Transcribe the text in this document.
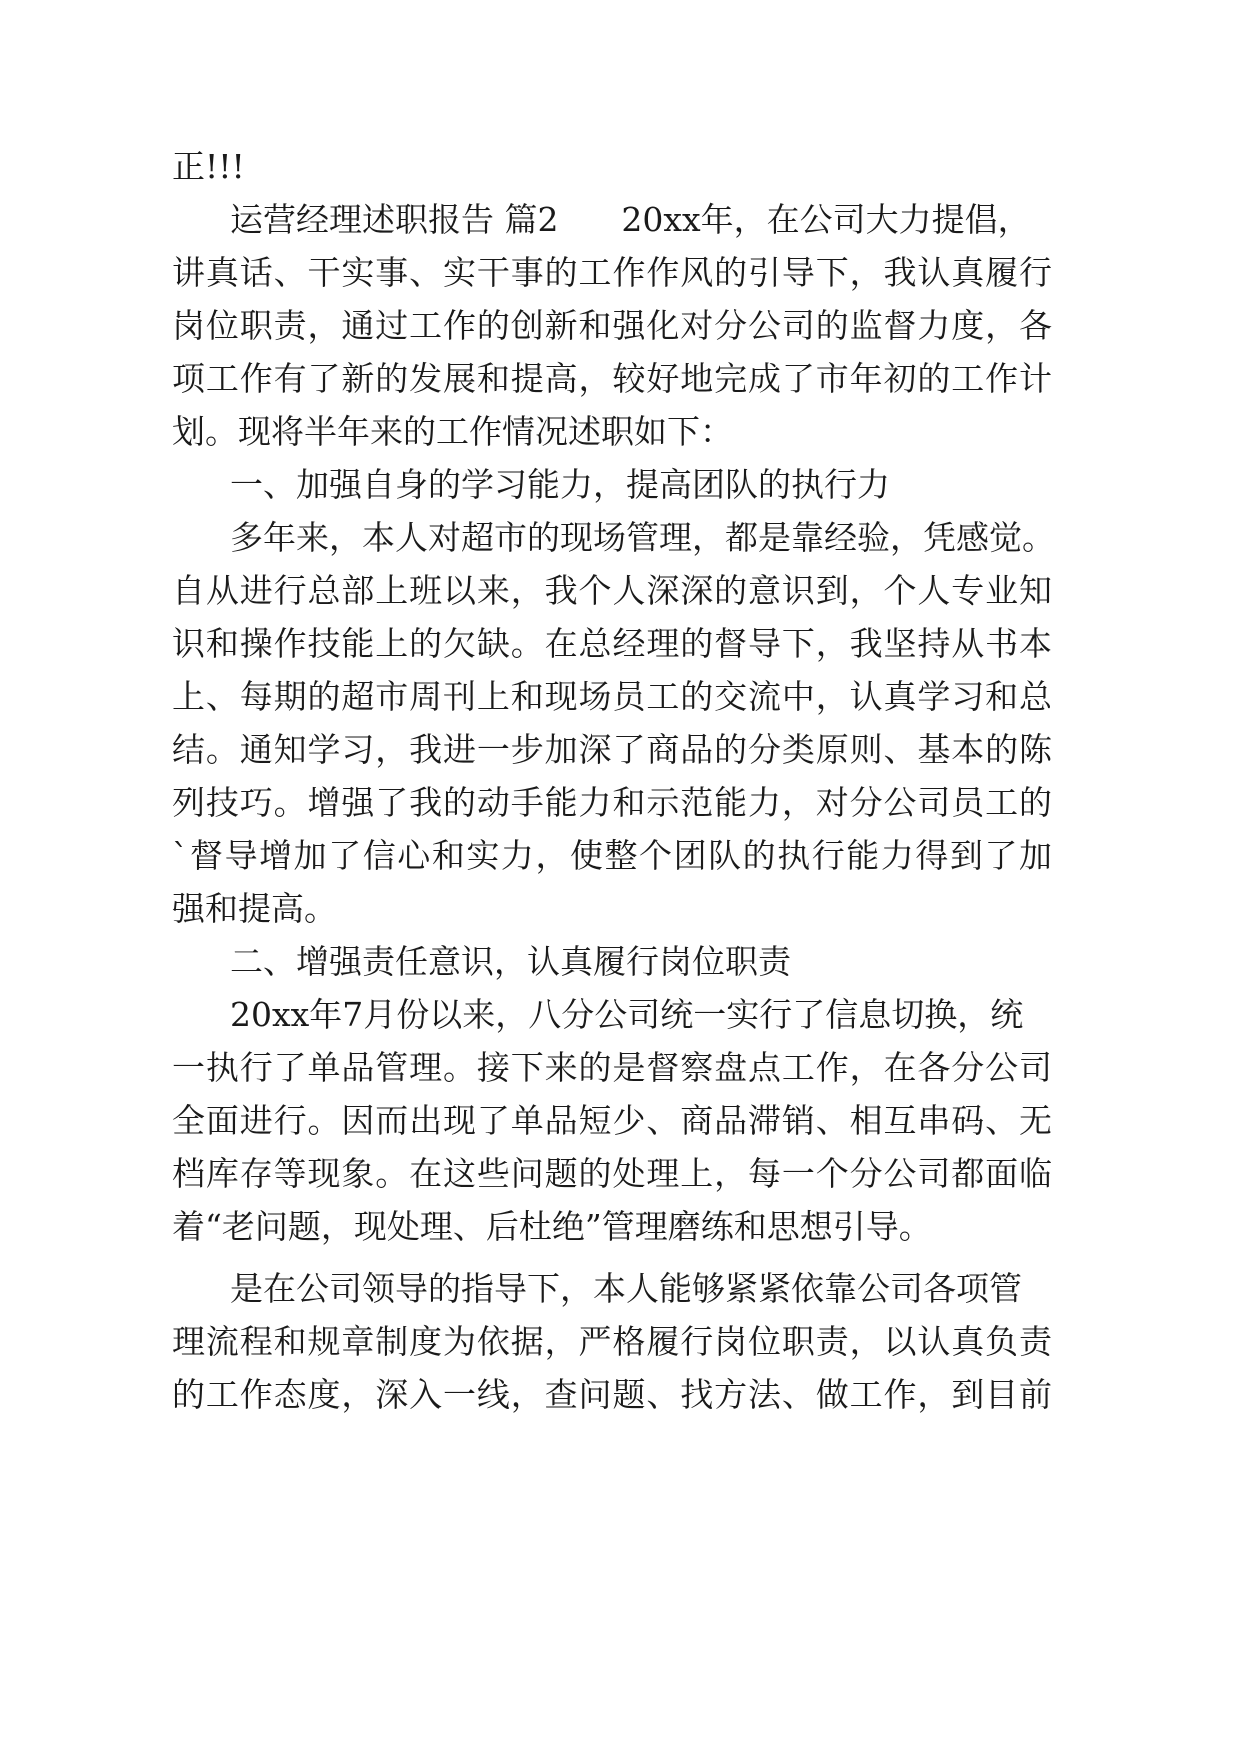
正!!!

运营经理述职报告 篇2      20xx年，在公司大力提倡，

讲真话、干实事、实干事的工作作风的引导下，我认真履行

岗位职责，通过工作的创新和强化对分公司的监督力度，各

项工作有了新的发展和提高，较好地完成了市年初的工作计

划。现将半年来的工作情况述职如下：

一、加强自身的学习能力，提高团队的执行力

多年来，本人对超市的现场管理，都是靠经验，凭感觉。

自从进行总部上班以来，我个人深深的意识到，个人专业知

识和操作技能上的欠缺。在总经理的督导下，我坚持从书本

上、每期的超市周刊上和现场员工的交流中，认真学习和总

结。通知学习，我进一步加深了商品的分类原则、基本的陈

列技巧。增强了我的动手能力和示范能力，对分公司员工的

`督导增加了信心和实力，使整个团队的执行能力得到了加

强和提高。

二、增强责任意识，认真履行岗位职责

20xx年7月份以来，八分公司统一实行了信息切换，统

一执行了单品管理。接下来的是督察盘点工作，在各分公司

全面进行。因而出现了单品短少、商品滞销、相互串码、无

档库存等现象。在这些问题的处理上，每一个分公司都面临

着“老问题，现处理、后杜绝”管理磨练和思想引导。

是在公司领导的指导下，本人能够紧紧依靠公司各项管

理流程和规章制度为依据，严格履行岗位职责，以认真负责

的工作态度，深入一线，查问题、找方法、做工作，到目前
